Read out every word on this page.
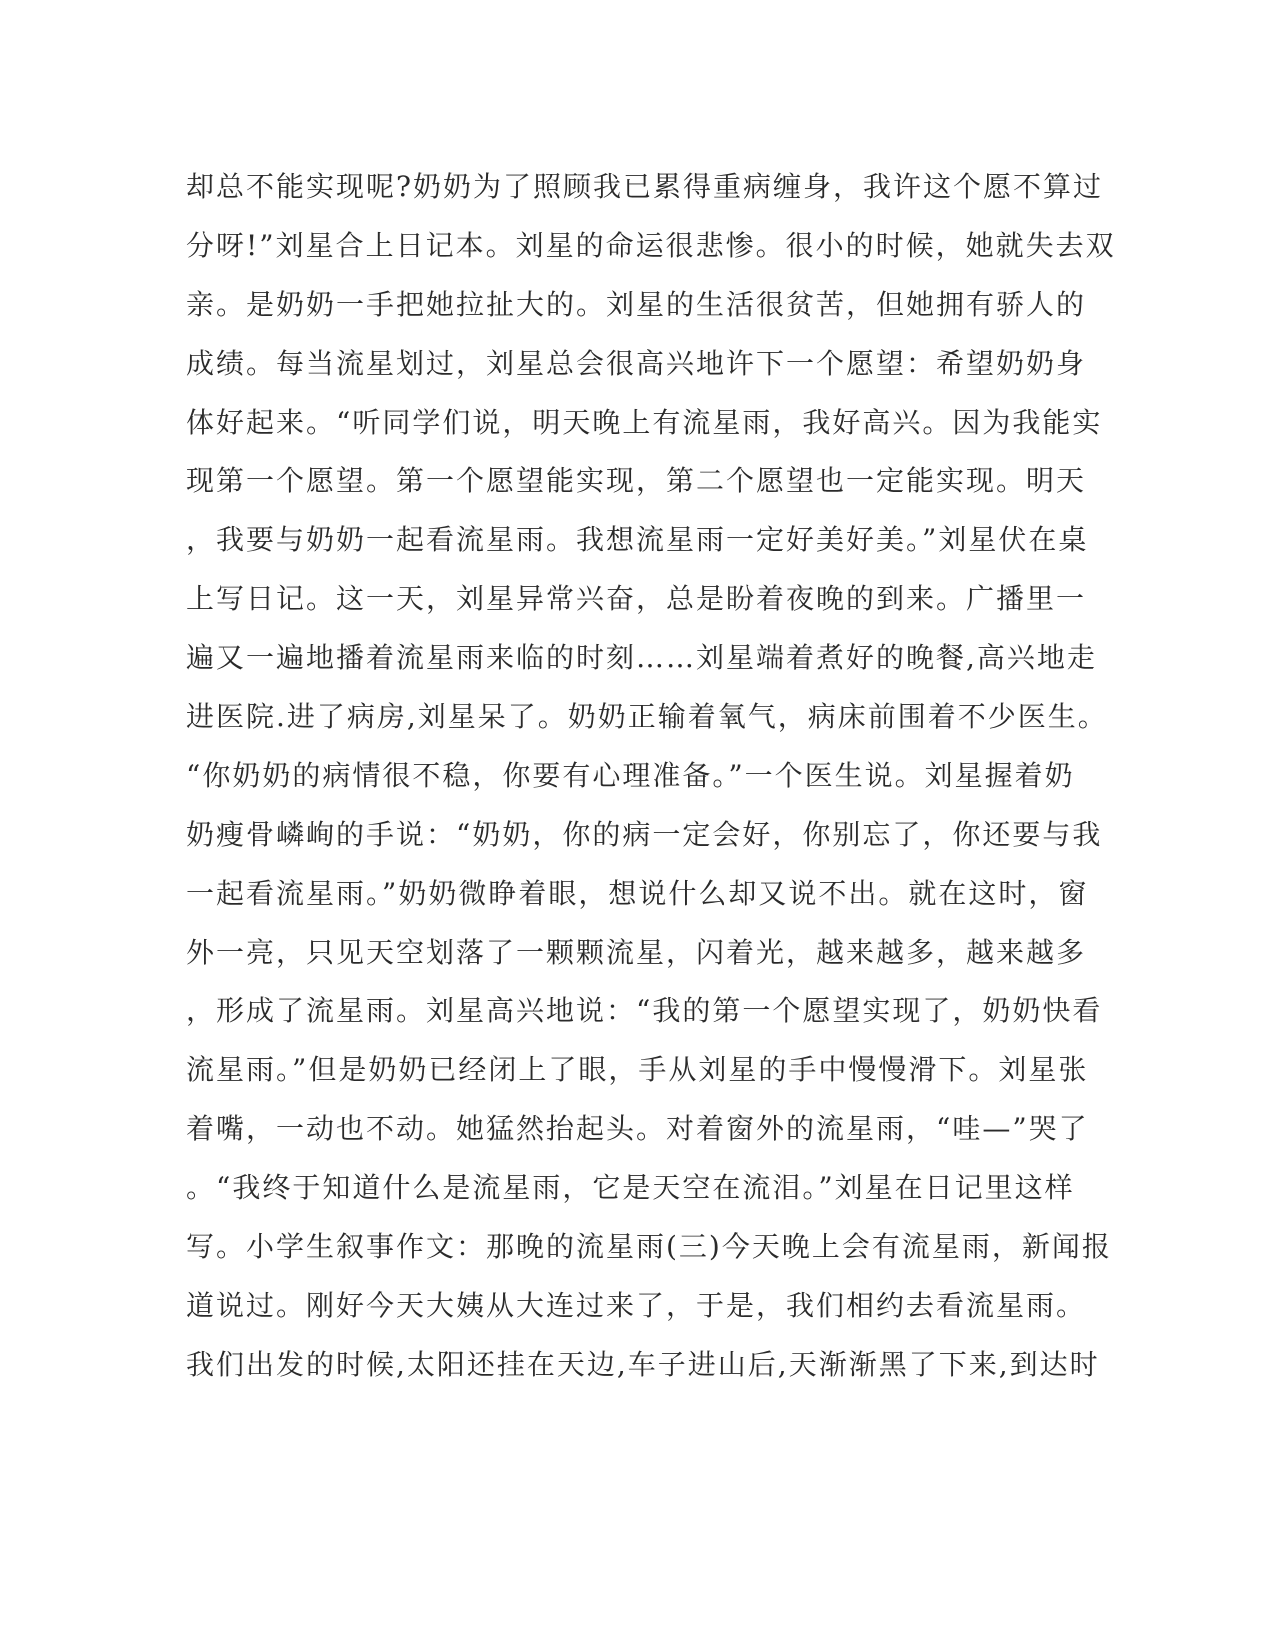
却总不能实现呢?奶奶为了照顾我已累得重病缠身，我许这个愿不算过
分呀!”刘星合上日记本。刘星的命运很悲惨。很小的时候，她就失去双
亲。是奶奶一手把她拉扯大的。刘星的生活很贫苦，但她拥有骄人的
成绩。每当流星划过，刘星总会很高兴地许下一个愿望：希望奶奶身
体好起来。“听同学们说，明天晚上有流星雨，我好高兴。因为我能实
现第一个愿望。第一个愿望能实现，第二个愿望也一定能实现。明天
，我要与奶奶一起看流星雨。我想流星雨一定好美好美。”刘星伏在桌
上写日记。这一天，刘星异常兴奋，总是盼着夜晚的到来。广播里一
遍又一遍地播着流星雨来临的时刻……刘星端着煮好的晚餐,高兴地走
进医院.进了病房,刘星呆了。奶奶正输着氧气，病床前围着不少医生。
“你奶奶的病情很不稳，你要有心理准备。”一个医生说。刘星握着奶
奶瘦骨嶙峋的手说：“奶奶，你的病一定会好，你别忘了，你还要与我
一起看流星雨。”奶奶微睁着眼，想说什么却又说不出。就在这时，窗
外一亮，只见天空划落了一颗颗流星，闪着光，越来越多，越来越多
，形成了流星雨。刘星高兴地说：“我的第一个愿望实现了，奶奶快看
流星雨。”但是奶奶已经闭上了眼，手从刘星的手中慢慢滑下。刘星张
着嘴，一动也不动。她猛然抬起头。对着窗外的流星雨，“哇—”哭了
。“我终于知道什么是流星雨，它是天空在流泪。”刘星在日记里这样
写。小学生叙事作文：那晚的流星雨(三)今天晚上会有流星雨，新闻报
道说过。刚好今天大姨从大连过来了，于是，我们相约去看流星雨。
我们出发的时候,太阳还挂在天边,车子进山后,天渐渐黑了下来,到达时
